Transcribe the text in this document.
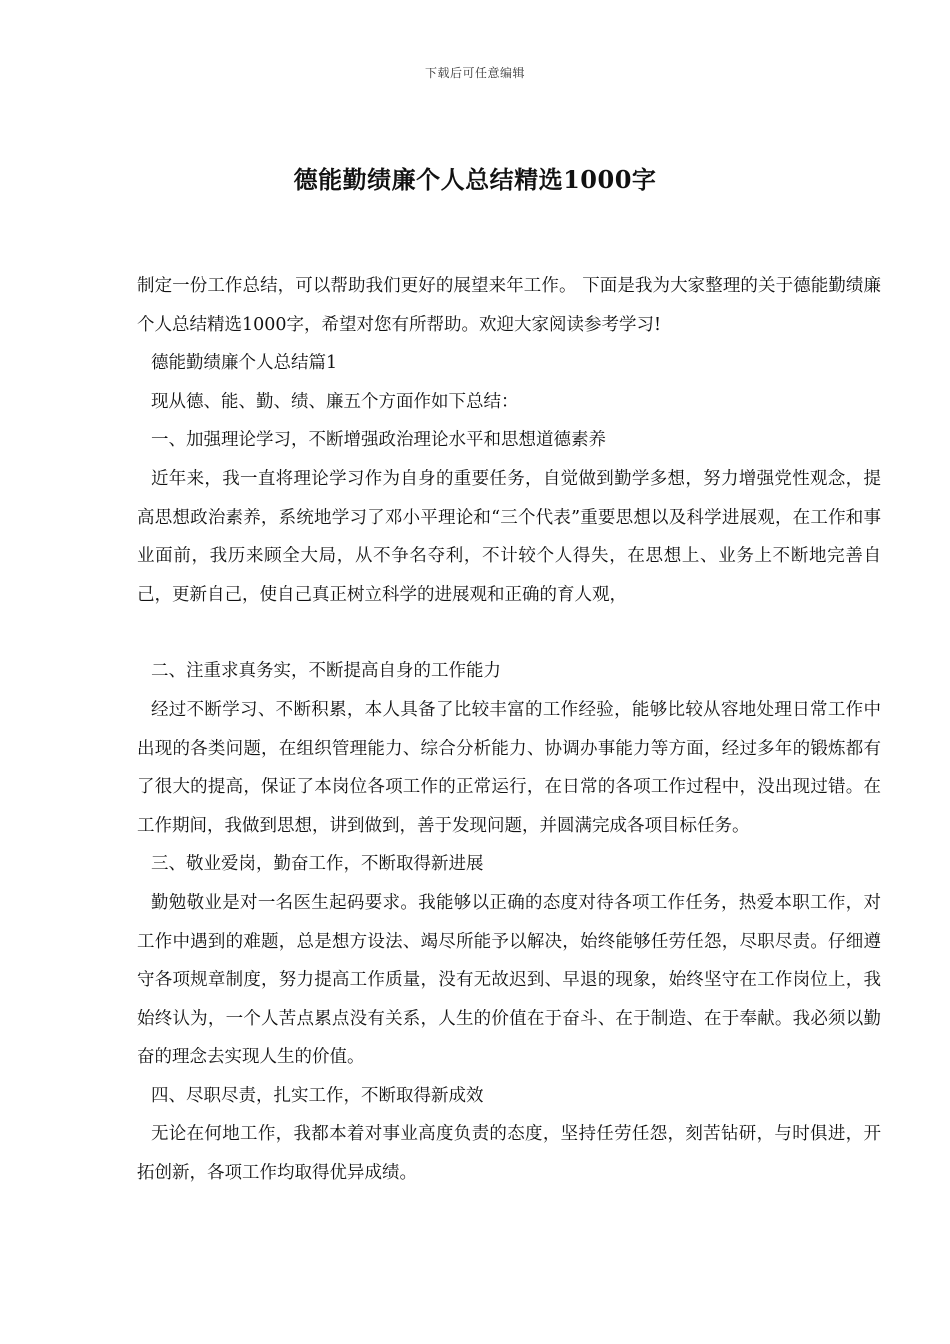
下载后可任意编辑
德能勤绩廉个人总结精选1000字

制定一份工作总结，可以帮助我们更好的展望来年工作。 下面是我为大家整理的关于德能勤绩廉个人总结精选1000字，希望对您有所帮助。欢迎大家阅读参考学习!

德能勤绩廉个人总结篇1

现从德、能、勤、绩、廉五个方面作如下总结：

一、加强理论学习，不断增强政治理论水平和思想道德素养

近年来，我一直将理论学习作为自身的重要任务，自觉做到勤学多想，努力增强党性观念，提高思想政治素养，系统地学习了邓小平理论和“三个代表”重要思想以及科学进展观，在工作和事业面前，我历来顾全大局，从不争名夺利，不计较个人得失，在思想上、业务上不断地完善自己，更新自己，使自己真正树立科学的进展观和正确的育人观，

二、注重求真务实，不断提高自身的工作能力

经过不断学习、不断积累，本人具备了比较丰富的工作经验，能够比较从容地处理日常工作中出现的各类问题，在组织管理能力、综合分析能力、协调办事能力等方面，经过多年的锻炼都有了很大的提高，保证了本岗位各项工作的正常运行，在日常的各项工作过程中，没出现过错。在工作期间，我做到思想，讲到做到，善于发现问题，并圆满完成各项目标任务。

三、敬业爱岗，勤奋工作，不断取得新进展

勤勉敬业是对一名医生起码要求。我能够以正确的态度对待各项工作任务，热爱本职工作，对工作中遇到的难题，总是想方设法、竭尽所能予以解决，始终能够任劳任怨，尽职尽责。仔细遵守各项规章制度，努力提高工作质量，没有无故迟到、早退的现象，始终坚守在工作岗位上，我始终认为，一个人苦点累点没有关系，人生的价值在于奋斗、在于制造、在于奉献。我必须以勤奋的理念去实现人生的价值。

四、尽职尽责，扎实工作，不断取得新成效

无论在何地工作，我都本着对事业高度负责的态度，坚持任劳任怨，刻苦钻研，与时俱进，开拓创新，各项工作均取得优异成绩。
